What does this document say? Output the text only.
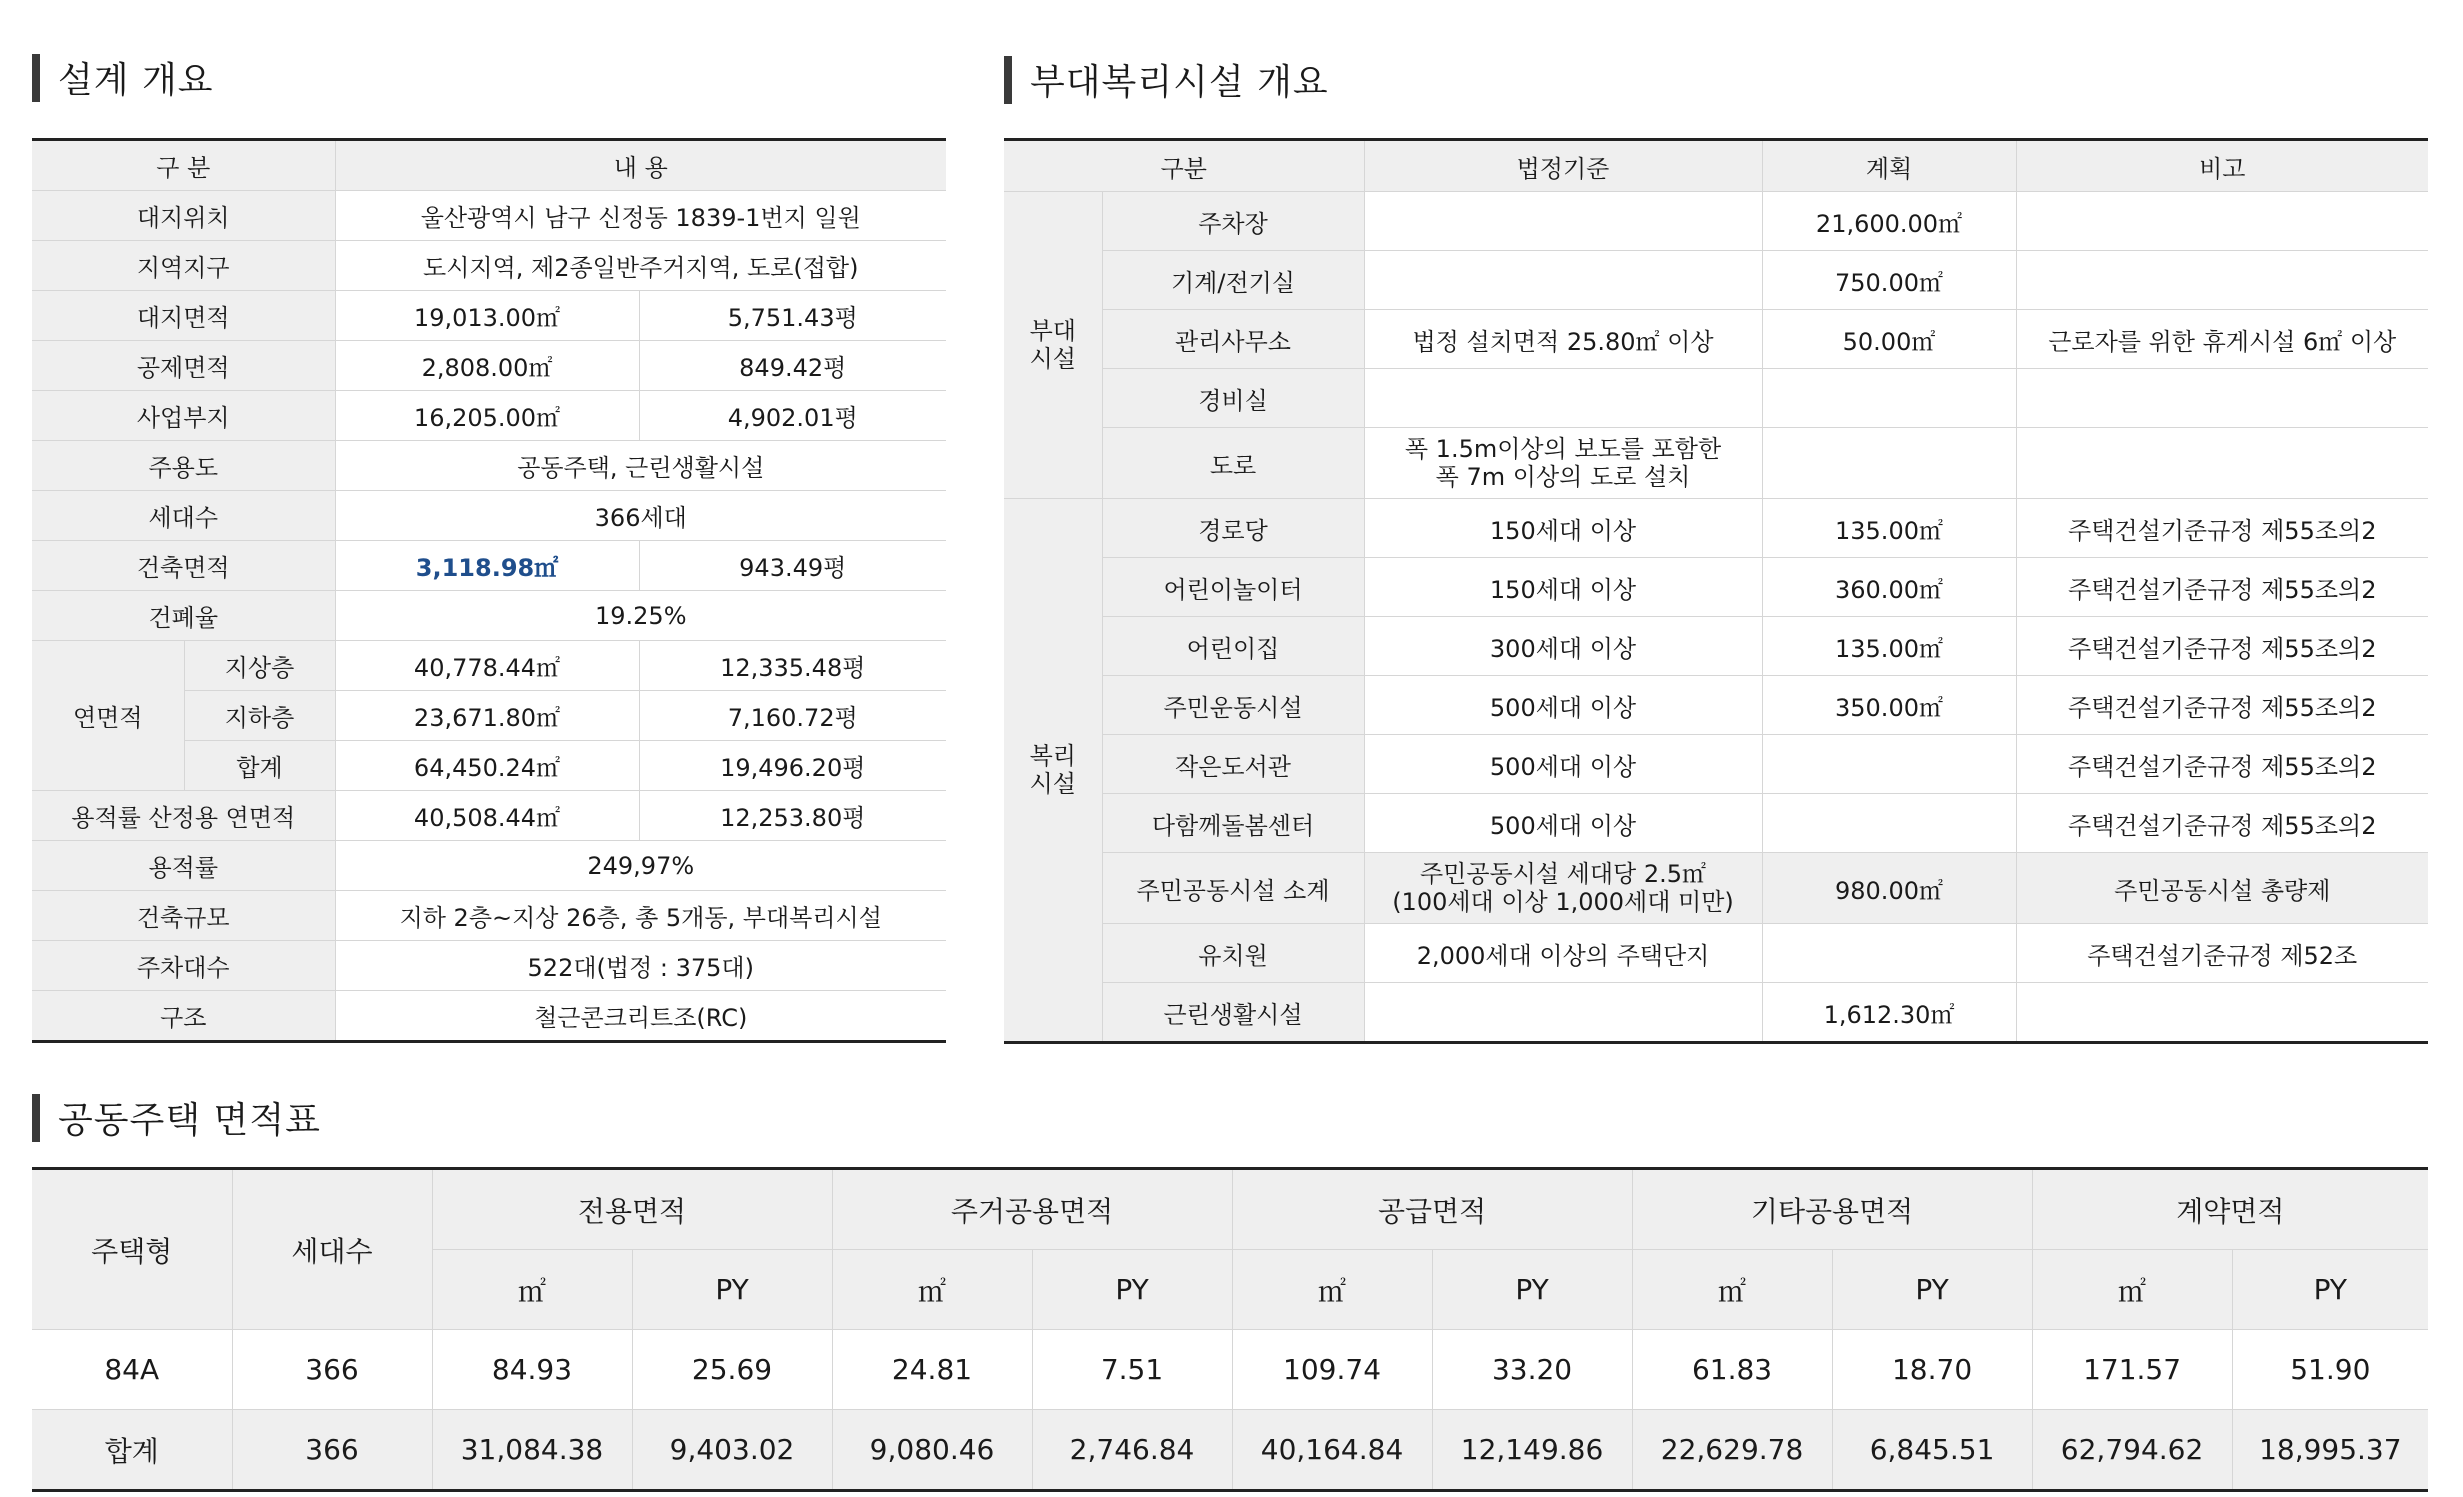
설계 개요	부대복리시설 개요
공동주택 면적표
구 분		내 용	
대지위치		울산광역시 남구 신정동 1839-1번지 일원	
지역지구		도시지역, 제2종일반주거지역, 도로(접합)	
대지면적		19,013.00㎡	5,751.43평
공제면적		2,808.00㎡	849.42평
사업부지		16,205.00㎡	4,902.01평
주용도		공동주택, 근린생활시설	
세대수		366세대	
건축면적		3,118.98㎡	943.49평
건폐율		19.25%	
연면적	지상층	40,778.44㎡	12,335.48평
	지하층	23,671.80㎡	7,160.72평
	합계	64,450.24㎡	19,496.20평
용적률 산정용 연면적		40,508.44㎡	12,253.80평
용적률		249,97%	
건축규모		지하 2층~지상 26층, 총 5개동, 부대복리시설	
주차대수		522대(법정 : 375대)	
구조		철근콘크리트조(RC)	
구분		법정기준	계획	비고
부대
시설	주차장		21,600.00㎡	
	기계/전기실		750.00㎡	
	관리사무소	법정 설치면적 25.80㎡ 이상	50.00㎡	근로자를 위한 휴게시설 6㎡ 이상
	경비실			
	도로	폭 1.5m이상의 보도를 포함한
폭 7m 이상의 도로 설치		
복리
시설	경로당	150세대 이상	135.00㎡	주택건설기준규정 제55조의2
	어린이놀이터	150세대 이상	360.00㎡	주택건설기준규정 제55조의2
	어린이집	300세대 이상	135.00㎡	주택건설기준규정 제55조의2
	주민운동시설	500세대 이상	350.00㎡	주택건설기준규정 제55조의2
	작은도서관	500세대 이상		주택건설기준규정 제55조의2
	다함께돌봄센터	500세대 이상		주택건설기준규정 제55조의2
	주민공동시설 소계	주민공동시설 세대당 2.5㎡
(100세대 이상 1,000세대 미만)	980.00㎡	주민공동시설 총량제
	유치원	2,000세대 이상의 주택단지		주택건설기준규정 제52조
	근린생활시설		1,612.30㎡	
주택형	세대수	전용면적		주거공용면적		공급면적		기타공용면적		계약면적	
		㎡	PY	㎡	PY	㎡	PY	㎡	PY	㎡	PY
84A	366	84.93	25.69	24.81	7.51	109.74	33.20	61.83	18.70	171.57	51.90
합계	366	31,084.38	9,403.02	9,080.46	2,746.84	40,164.84	12,149.86	22,629.78	6,845.51	62,794.62	18,995.37
